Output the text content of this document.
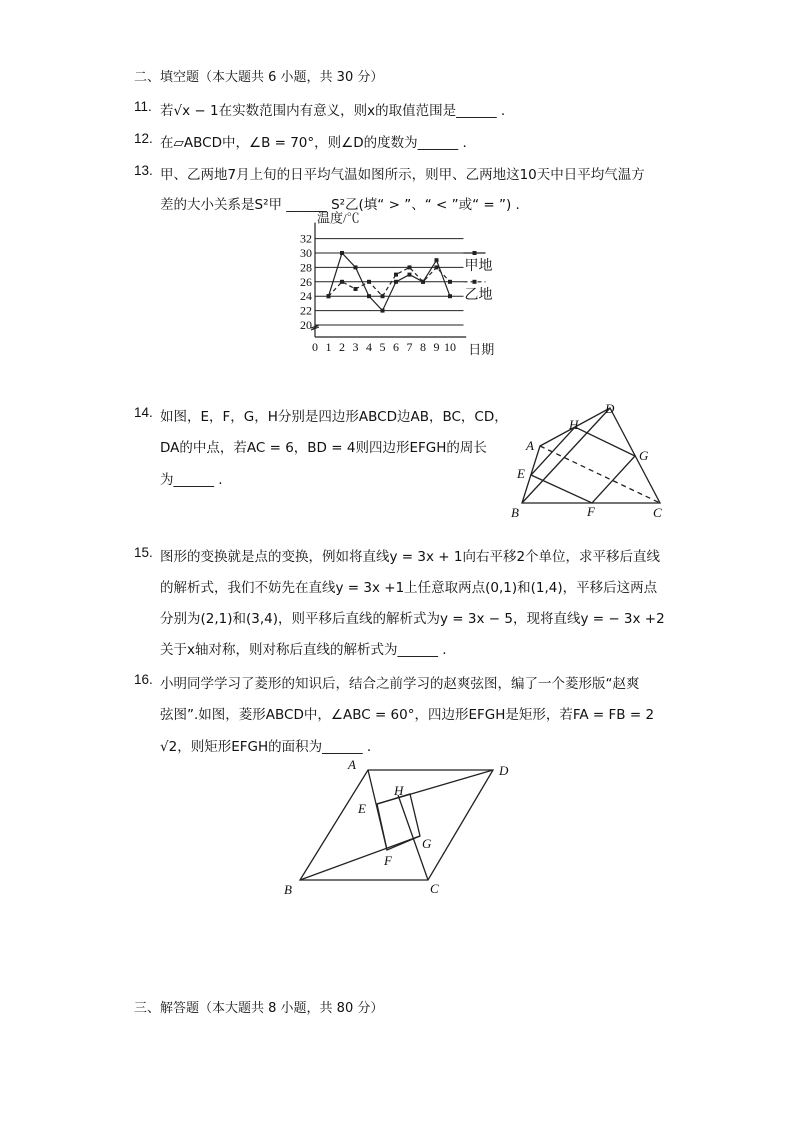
二、填空题（本大题共 6 小题，共 30 分）
11. 若√x − 1在实数范围内有意义，则x的取值范围是______ .
12. 在▱ABCD中，∠B = 70°，则∠D的度数为______ .
13. 甲、乙两地7月上旬的日平均气温如图所示，则甲、乙两地这10天中日平均气温方
差的大小关系是S²甲 ______ S²乙(填“ > ”、“ < ”或“ = ”) .
32
30
28
26
24
22
20
0 1 2 3 4 5 6 7 8 9 10
温度/℃
日期
甲地
乙地
14. 如图，E，F，G，H分别是四边形ABCD边AB，BC，CD，
DA的中点，若AC = 6，BD = 4则四边形EFGH的周长
为______ .
A
D
H
G
E
B	F	C
15. 图形的变换就是点的变换，例如将直线y = 3x + 1向右平移2个单位，求平移后直线
的解析式，我们不妨先在直线y = 3x +1上任意取两点(0,1)和(1,4)，平移后这两点
分别为(2,1)和(3,4)，则平移后直线的解析式为y = 3x − 5，现将直线y = − 3x +2
关于x轴对称，则对称后直线的解析式为______ .
16. 小明同学学习了菱形的知识后，结合之前学习的赵爽弦图，编了一个菱形版“赵爽
弦图”.如图，菱形ABCD中，∠ABC = 60°，四边形EFGH是矩形，若FA = FB = 2
√2，则矩形EFGH的面积为______ .
A	D
H
E
G
F
B	C
三、解答题（本大题共 8 小题，共 80 分）
